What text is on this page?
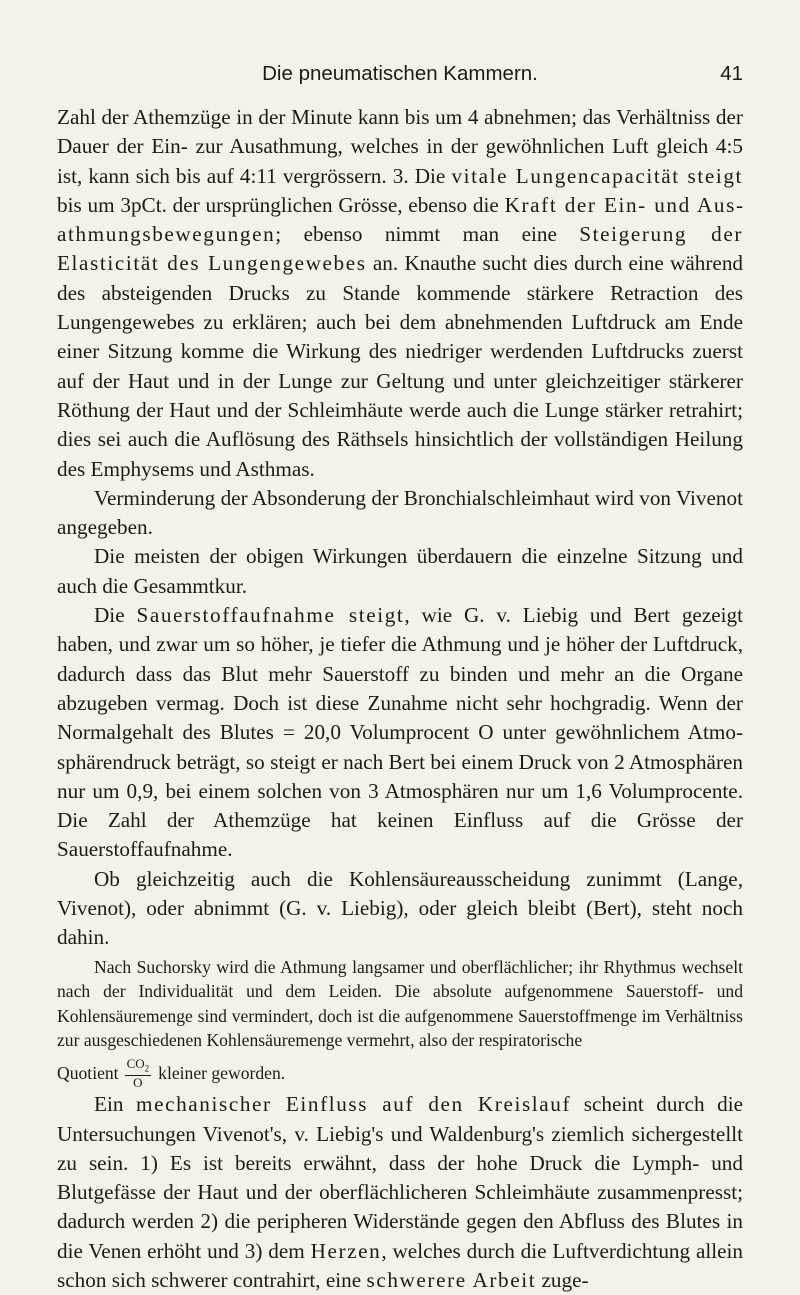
Die pneumatischen Kammern.	41

Zahl der Athemzüge in der Minute kann bis um 4 abnehmen; das Verhältniss der Dauer der Ein- zur Ausathmung, welches in der gewöhnlichen Luft gleich 4:5 ist, kann sich bis auf 4:11 vergrössern. 3. Die vitale Lungencapacität steigt bis um 3pCt. der ursprünglichen Grösse, ebenso die Kraft der Ein- und Ausathmungsbewegungen; ebenso nimmt man eine Steigerung der Elasticität des Lungengewebes an. Knauthe sucht dies durch eine während des absteigenden Drucks zu Stande kommende stärkere Retraction des Lungengewebes zu erklären; auch bei dem abnehmenden Luftdruck am Ende einer Sitzung komme die Wirkung des niedriger werdenden Luftdrucks zuerst auf der Haut und in der Lunge zur Geltung und unter gleichzeitiger stärkerer Röthung der Haut und der Schleimhäute werde auch die Lunge stärker retrahirt; dies sei auch die Auflösung des Räthsels hinsichtlich der vollständigen Heilung des Emphysems und Asthmas.

Verminderung der Absonderung der Bronchialschleimhaut wird von Vivenot angegeben.

Die meisten der obigen Wirkungen überdauern die einzelne Sitzung und auch die Gesammtkur.

Die Sauerstoffaufnahme steigt, wie G. v. Liebig und Bert gezeigt haben, und zwar um so höher, je tiefer die Athmung und je höher der Luftdruck, dadurch dass das Blut mehr Sauerstoff zu binden und mehr an die Organe abzugeben vermag. Doch ist diese Zunahme nicht sehr hochgradig. Wenn der Normalgehalt des Blutes = 20,0 Volumprocent O unter gewöhnlichem Atmosphärendruck beträgt, so steigt er nach Bert bei einem Druck von 2 Atmosphären nur um 0,9, bei einem solchen von 3 Atmosphären nur um 1,6 Volumprocente. Die Zahl der Athemzüge hat keinen Einfluss auf die Grösse der Sauerstoffaufnahme.

Ob gleichzeitig auch die Kohlensäureausscheidung zunimmt (Lange, Vivenot), oder abnimmt (G. v. Liebig), oder gleich bleibt (Bert), steht noch dahin.

Nach Suchorsky wird die Athmung langsamer und oberflächlicher; ihr Rhythmus wechselt nach der Individualität und dem Leiden. Die absolute aufgenommene Sauerstoff- und Kohlensäuremenge sind vermindert, doch ist die aufgenommene Sauerstoffmenge im Verhältniss zur ausgeschiedenen Kohlensäuremenge vermehrt, also der respiratorische

Quotient $\frac{CO_2}{O}$ kleiner geworden.

Ein mechanischer Einfluss auf den Kreislauf scheint durch die Untersuchungen Vivenot's, v. Liebig's und Waldenburg's ziemlich sichergestellt zu sein. 1) Es ist bereits erwähnt, dass der hohe Druck die Lymph- und Blutgefässe der Haut und der oberflächlicheren Schleimhäute zusammenpresst; dadurch werden 2) die peripheren Widerstände gegen den Abfluss des Blutes in die Venen erhöht und 3) dem Herzen, welches durch die Luftverdichtung allein schon sich schwerer contrahirt, eine schwerere Arbeit zuge-
